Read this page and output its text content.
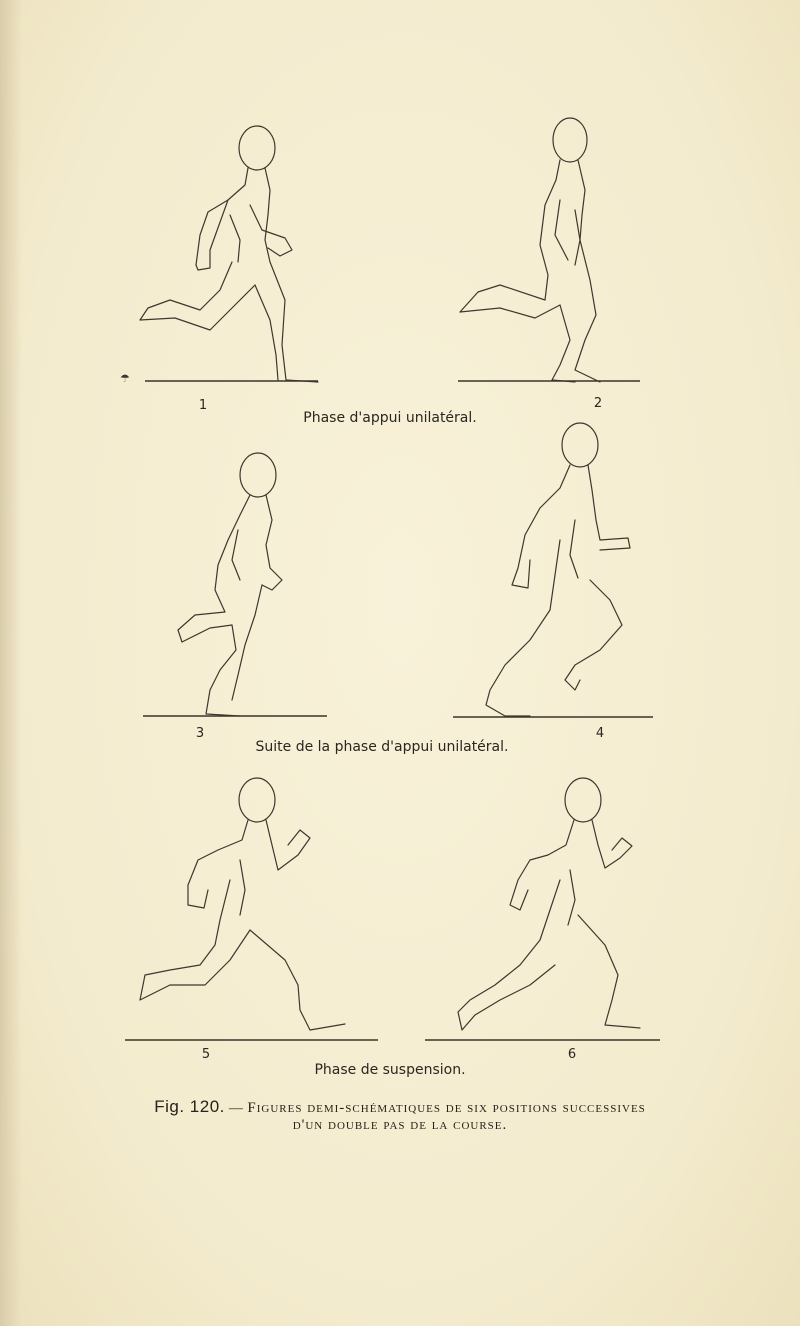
☂
1	2
3	4
5	6
Phase d'appui unilatéral.
Suite de la phase d'appui unilatéral.
Phase de suspension.
Fig. 120. — Figures demi-schématiques de six positions successives
d'un double pas de la course.
